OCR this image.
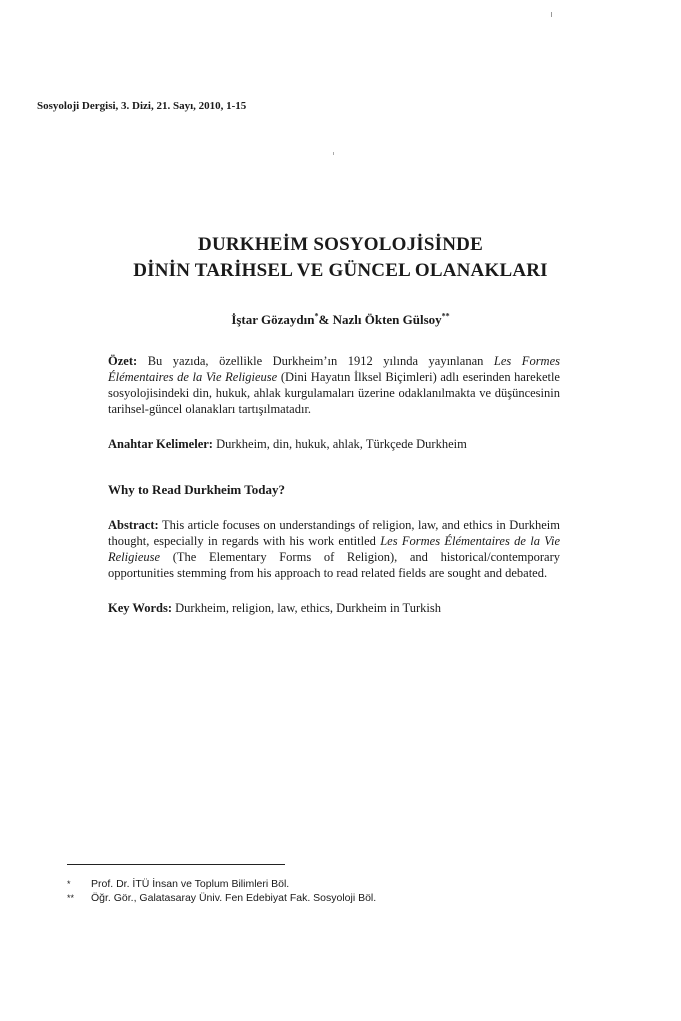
Sosyoloji Dergisi, 3. Dizi, 21. Sayı, 2010, 1-15
DURKHEİM SOSYOLOJİSİNDE
DİNİN TARİHSEL VE GÜNCEL OLANAKLARI
İştar Gözaydın*& Nazlı Ökten Gülsoy**
Özet: Bu yazıda, özellikle Durkheim’ın 1912 yılında yayınlanan Les Formes Élémentaires de la Vie Religieuse (Dini Hayatın İlksel Biçimleri) adlı eserinden hareketle sosyolojisindeki din, hukuk, ahlak kurgulamaları üzerine odaklanılmakta ve düşüncesinin tarihsel-güncel olanakları tartışılmatadır.
Anahtar Kelimeler: Durkheim, din, hukuk, ahlak, Türkçede Durkheim
Why to Read Durkheim Today?
Abstract: This article focuses on understandings of religion, law, and ethics in Durkheim thought, especially in regards with his work entitled Les Formes Élémentaires de la Vie Religieuse (The Elementary Forms of Religion), and historical/contemporary opportunities stemming from his approach to read related fields are sought and debated.
Key Words: Durkheim, religion, law, ethics, Durkheim in Turkish
* Prof. Dr. İTÜ İnsan ve Toplum Bilimleri Böl.
** Öğr. Gör., Galatasaray Üniv. Fen Edebiyat Fak. Sosyoloji Böl.
